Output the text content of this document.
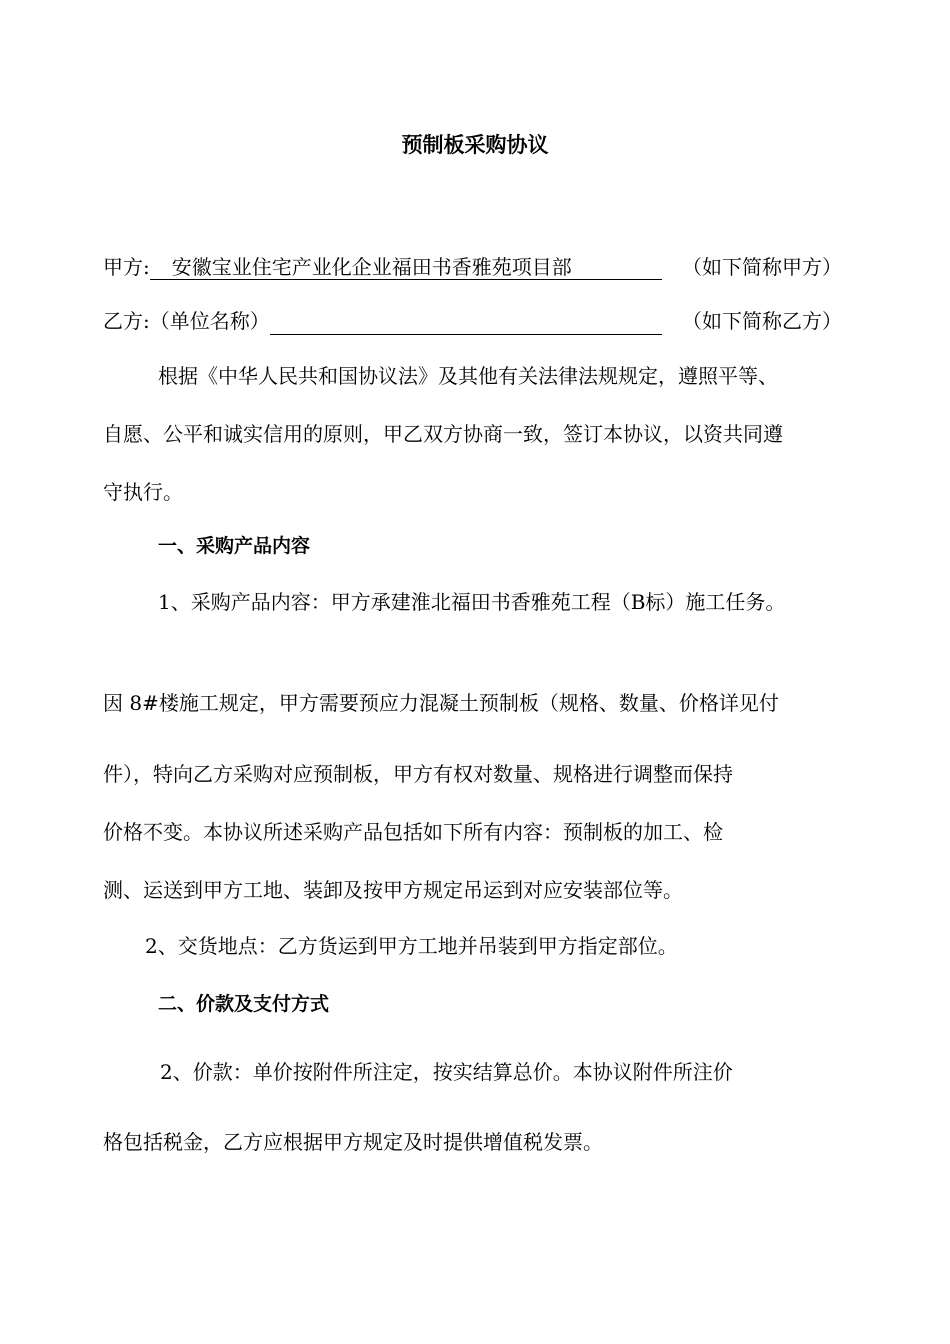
预制板采购协议
甲方: 安徽宝业住宅产业化企业福田书香雅苑项目部	（如下简称甲方）
乙方:（单位名称）	（如下简称乙方）
根据《中华人民共和国协议法》及其他有关法律法规规定，遵照平等、
自愿、公平和诚实信用的原则，甲乙双方协商一致，签订本协议，以资共同遵
守执行。
一、采购产品内容
1、采购产品内容：甲方承建淮北福田书香雅苑工程（B标）施工任务。
因 8#楼施工规定，甲方需要预应力混凝土预制板（规格、数量、价格详见付
件），特向乙方采购对应预制板，甲方有权对数量、规格进行调整而保持
价格不变。本协议所述采购产品包括如下所有内容：预制板的加工、检
测、运送到甲方工地、装卸及按甲方规定吊运到对应安装部位等。
2、交货地点：乙方货运到甲方工地并吊装到甲方指定部位。
二、价款及支付方式
2、价款：单价按附件所注定，按实结算总价。本协议附件所注价
格包括税金，乙方应根据甲方规定及时提供增值税发票。
